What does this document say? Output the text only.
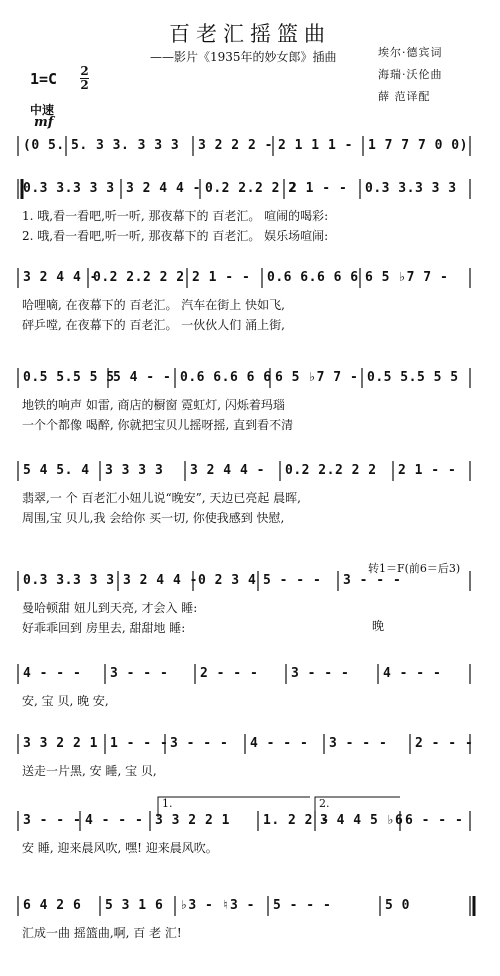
百老汇摇篮曲
——影片《1935年的妙女郎》插曲	埃尔·德宾词
海瑞·沃伦曲
薛 范译配
1=C 2
2
中速
mf
转1＝F(前6＝后3)
(0 5. 5. 3 3. 3 3 3	3 2 2 2 - 2 1 1 1 -	1 7 7 7 0 0)
0.3 3.3 3 3 3 2 4 4 - 0.2 2.2 2 2
2 1 - -	0.3 3.3 3 3
1. 哦,看一看吧,听一听, 那夜幕下的 百老汇。 喧闹的喝彩:
2. 哦,看一看吧,听一听, 那夜幕下的 百老汇。 娱乐场喧闹:
3 2 4 4 -
0.2 2.2 2 2 2 1 - -	0.6 6.6 6 6 6 5 ♭7 7 -
哈哩嘀, 在夜幕下的 百老汇。 汽车在街上 快如飞,
砰乒嘡, 在夜幕下的 百老汇。 一伙伙人们 涌上街,
0.5 5.5 5 5
5 4 - - 0.6 6.6 6 6 6 5 ♭7 7 - 0.5 5.5 5 5
地铁的响声 如雷, 商店的橱窗 霓虹灯, 闪烁着玛瑙
一个个都像 喝醉, 你就把宝贝儿摇呀摇, 直到看不清
5 4 5. 4	3 3 3 3	3 2 4 4 -	0.2 2.2 2 2	2 1 - -
翡翠,一 个 百老汇小妞儿说“晚安”, 天边已亮起 晨晖,
周围,宝 贝儿,我 会给你 买一切, 你使我感到 快慰,
0.3 3.3 3 3 3 2 4 4 - 0 2 3 4 5 - - -	3 - - -
曼哈顿甜 妞儿到天亮, 才会入 睡:
好乖乖回到 房里去, 甜甜地 睡:	晚
4 - - -	3 - - -	2 - - -	3 - - -	4 - - -
安, 宝 贝, 晚 安,
3 3 2 2 1 1 - - - 3 - - -	4 - - -	3 - - -	2 - - -
送走一片黑, 安 睡, 宝 贝,
3 - - - 4 - - - 3 3 2 2 1	1. 2 2 -
3 4 4 5 ♭6 6 - - -
安 睡, 迎来晨风吹, 嘿! 迎来晨风吹。
6 4 2 6	5 3 1 6	♭3 - ♮3 -	5 - - -	5 0
汇成一曲 摇篮曲,啊, 百 老 汇!
1.	2.
